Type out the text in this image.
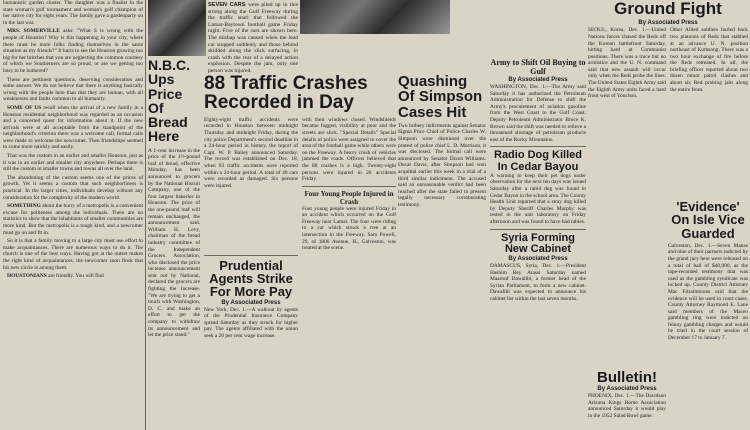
humanistic garden cluster. The daughter was a finalist in the state woman's golf tournament and woman's golf champion of her native city for eight years. The family gave a gardenparty on in the last war.

MRS. SOMERVILLE asks: "What S is wrong with the people of Houston? Why is this happening in your city, where there must be more folks finding themselves in the same situation as my friends?" It hurts to see the Houston growing too big for her britches that you are neglecting the common courtesy of which we Southerners are so proud, or are we getting too busy to be bothered?

These are pertinent questions, deserving consideration and some answer. We do not believe that there is anything basically wrong with the people here than that they are human, with all weaknesses and faults common to all humanity.

SOME OF US recall when the arrival of a new family in a Houston residential neighborhood was regarded as an occasion and a concerted quest for information about it. If the new arrivals were at all acceptable from the standpoint of the neighborhood's criterion there was a welcome call, formal calls were made to welcome the newcomer. Then friendships seemed to come more quickly and easily.

That was the custom in an earlier and smaller Houston, just as it was in an earlier and smaller city anywhere. Perhaps there is still the custom in smaller towns and towns all over the land.

The abandoning of the custom seems one of the prices of growth. Yet it seems a custom that such neighborliness is practical. In the larger cities, individuals develop without any consideration for the complexity of the modern world.

SOMETHING about the hurry of a metropolis is a convenient excuse for politeness among the individuals. There are no statistics to show that the inhabitants of smaller communities are more kind. But the metropolis is a tough kind, and a newcomer must go on and fit in.

So it is that a family moving to a large city must use effort to make acquaintances. There are numerous ways to do it. The church is one of the best ways. Having got at the outset makes the right kind of acquaintances, the newcomer soon finds that his new circle is among them.

HOUSTONIANS are friendly. You will find

SEVEN CARS were piled up in this strong along the Gulf Freeway during the traffic snarl that followed the Lamar-Baytown football game Friday night. Five of the cars are shown here. The mishap was caused when the lead car stopped suddenly and those behind skidded along the slick surfacing, in crash with the rear of a delayed action explosion. Despite the jam, only one person was injured.
N.B.C. Ups Price Of Bread Here
A 1-cent increase in the price of the 1½-pound loaf of bread, effective Monday, has been announced to grocers by the National Biscuit Company, one of the four largest bakeries in Houston. The price of the one-pound loaf will remain unchanged, the announcement said. William H. Levy, chairman of the bread industry committee of the Independent Grocers Association, who disclosed the price increase announcement sent out by National, declared the grocers are fighting the increase. "We are trying to get a touch with Washington, D. C. and make an effort to get the company to withdraw its announcement and let the price stand."
88 Traffic Crashes Recorded in Day
Eighty-eight traffic accidents were recorded in Houston between midnight Thursday and midnight Friday, during the city police Department's second deadline in a 24-hour period in history, the report of Capt. W. P. Bailey announced Saturday. The record was established on Dec. 18, when 93 traffic accidents were reported within a 24-hour period. A total of 40 cars were recorded as damaged. Six persons were injured.
with their windows closed. Windshields became fogged, visibility at poor and the streets are slick. "Special Details" Special details of police were assigned to cover the area of the football game while others were on the Freeway. A heavy crush of vehicles jammed the roads. Officers believed that the 88 crashes is a high. Twenty-eight persons were injured in 28 accidents Friday.
Four Young People Injured in Crash
Four young people were injured Friday in an accident which occurred on the Gulf Freeway near Lamar. The four were riding in a car which struck a tree at an intersection in the Freeway. Sam Powell, 29, of 1806 Avenue, H., Galveston, was treated at the scene.
Prudential Agents Strike For More Pay
By Associated Press
New York, Dec. 1.—A walkout by agents of the Prudential Insurance Company spread Saturday as they struck for higher pay. The agents affiliated with the union seek a 20 per cent wage increase.
Quashing Of Simpson Cases Hit
Two bribery indictments against Senator Sigma Price Chief of Police Charles W. Simpson were dismissed over the protest of police chief L. D. Morrison, it was disclosed. The formal call were announced by Senator Dixon Williams. Ducat Davis, after Simpson had won acquittal earlier this week in a trial of a third similar indictment. The accused said an unreasonable verdict had been reached after the state failed to present legally necessary corroborating testimony.
Army to Shift Oil Buying to Gulf
By Associated Press
WASHINGTON, Dec. 1.—The Army said Saturday it has authorized the Petroleum Administration for Defense to shift the Army's procurement of aviation gasoline from the West Coast to the Gulf Coast. Deputy Petroleum Administrator Bruce K. Brown said the shift was needed to relieve a threatened shortage of petroleum products east of the Rocky Mountains.
Radio Dog Killed In Cedar Bayou
A warning to keep their pet dogs under observation for the next ten days was issued Saturday after a rabid dog was found in Cedar Bayou in the school area. The County Health Unit reported that a stray dog killed by Deputy Sheriff Charles Murphy was tested in the unit laboratory on Friday afternoon and was found to have had rabies.
Syria Forming New Cabinet
By Associated Press
DAMASCUS, Syria, Dec. 1.—President Hashim Bey Atassi Saturday named Maarouf Dawalibi, a former head of the Syrian Parliament, to form a new cabinet. Dawalibi was expected to announce his cabinet list within the last seven months.
Ground Fight
By Associated Press
SEOUL, Korea, Dec. 1.—United Nations forces chased the Reds off the Korean battlefront Saturday, hitting hard at Communist positions. There was a truce but no armistice and the U. N. command said that new assault will occur only when the Reds probe the lines. The United States Eighth Army said the Eighth Army units faced a hard front west of Yonchon.
Other Allied soldiers hurled back two platoons of Reds that stabbed at an advance U. N. position northeast of Kumsong. There was a two hour exchange of fire before the Reds retreated. In all, the briefing officer reported about two dozen minor patrol clashes and about six Red probing jabs along the entire front.
'Evidence' On Isle Vice Guarded
Galveston, Dec. 1.—Seven Manse and nine of their partners indicted by the grand jury here were released on a total of bail of $40,000, as the tape-recorded testimony that was used as the gambling syndicate was locked up. County District Attorney Mac Fitzsimmons said that the evidence will be used in court cases. County Attorney Raymond E. Lane said members of the Maceo gambling ring were indicted on felony gambling charges and would be tried in the court session of December 17 to January 7.
Bulletin!
By Associated Press
PHOENIX, Dec. 1.—The Davidson Arizona Kings Home Association announced Saturday it would play in the 1952 Salad Bowl game.
